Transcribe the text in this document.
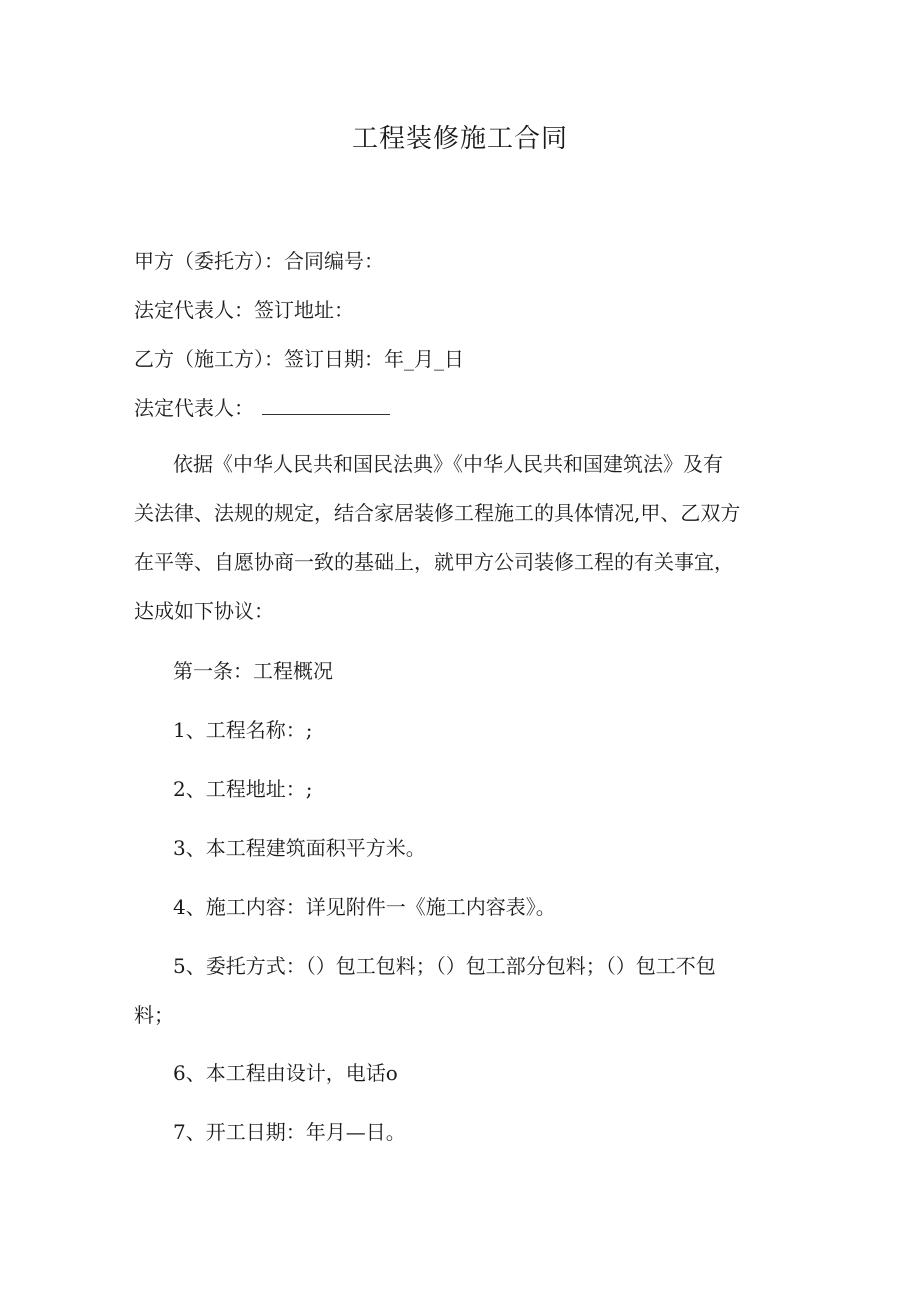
工程装修施工合同
甲方（委托方）：合同编号：
法定代表人：签订地址：
乙方（施工方）：签订日期：年_月_日
法定代表人：
依据《中华人民共和国民法典》《中华人民共和国建筑法》及有
关法律、法规的规定，结合家居装修工程施工的具体情况,甲、乙双方
在平等、自愿协商一致的基础上，就甲方公司装修工程的有关事宜，
达成如下协议：
第一条：工程概况
1、工程名称：;
2、工程地址：;
3、本工程建筑面积平方米。
4、施工内容：详见附件一《施工内容表》。
5、委托方式：（）包工包料；（）包工部分包料；（）包工不包
料；
6、本工程由设计，电话o
7、开工日期：年月—日。
